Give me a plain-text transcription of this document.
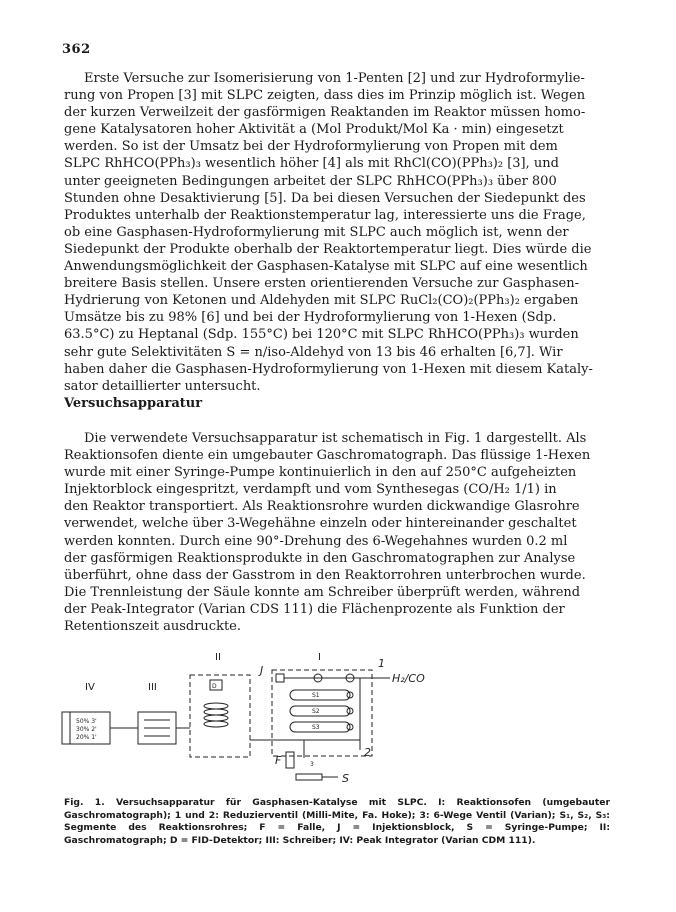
362

Erste Versuche zur Isomerisierung von 1-Penten [2] und zur Hydroformylie-

rung von Propen [3] mit SLPC zeigten, dass dies im Prinzip möglich ist. Wegen

der kurzen Verweilzeit der gasförmigen Reaktanden im Reaktor müssen homo-

gene Katalysatoren hoher Aktivität a (Mol Produkt/Mol Ka · min) eingesetzt

werden. So ist der Umsatz bei der Hydroformylierung von Propen mit dem

SLPC RhHCO(PPh₃)₃ wesentlich höher [4] als mit RhCl(CO)(PPh₃)₂ [3], und

unter geeigneten Bedingungen arbeitet der SLPC RhHCO(PPh₃)₃ über 800

Stunden ohne Desaktivierung [5]. Da bei diesen Versuchen der Siedepunkt des

Produktes unterhalb der Reaktionstemperatur lag, interessierte uns die Frage,

ob eine Gasphasen-Hydroformylierung mit SLPC auch möglich ist, wenn der

Siedepunkt der Produkte oberhalb der Reaktortemperatur liegt. Dies würde die

Anwendungsmöglichkeit der Gasphasen-Katalyse mit SLPC auf eine wesentlich

breitere Basis stellen. Unsere ersten orientierenden Versuche zur Gasphasen-

Hydrierung von Ketonen und Aldehyden mit SLPC RuCl₂(CO)₂(PPh₃)₂ ergaben

Umsätze bis zu 98% [6] und bei der Hydroformylierung von 1-Hexen (Sdp.

63.5°C) zu Heptanal (Sdp. 155°C) bei 120°C mit SLPC RhHCO(PPh₃)₃ wurden

sehr gute Selektivitäten S = n/iso-Aldehyd von 13 bis 46 erhalten [6,7]. Wir

haben daher die Gasphasen-Hydroformylierung von 1-Hexen mit diesem Kataly-

sator detaillierter untersucht.

Versuchsapparatur

Die verwendete Versuchsapparatur ist schematisch in Fig. 1 dargestellt. Als

Reaktionsofen diente ein umgebauter Gaschromatograph. Das flüssige 1-Hexen

wurde mit einer Syringe-Pumpe kontinuierlich in den auf 250°C aufgeheizten

Injektorblock eingespritzt, verdampft und vom Synthesegas (CO/H₂ 1/1) in

den Reaktor transportiert. Als Reaktionsrohre wurden dickwandige Glasrohre

verwendet, welche über 3-Wegehähne einzeln oder hintereinander geschaltet

werden konnten. Durch eine 90°-Drehung des 6-Wegehahnes wurden 0.2 ml

der gasförmigen Reaktionsprodukte in den Gaschromatographen zur Analyse

überführt, ohne dass der Gasstrom in den Reaktorrohren unterbrochen wurde.

Die Trennleistung der Säule konnte am Schreiber überprüft werden, während

der Peak-Integrator (Varian CDS 111) die Flächenprozente als Funktion der

Retentionszeit ausdruckte.

IV
50% 3'
30% 2'
20% 1'
III
II
D
I
J
H₂/CO
1
S1
S2
S3
2
F	3
S
Fig. 1. Versuchsapparatur für Gasphasen-Katalyse mit SLPC. I: Reaktionsofen (umgebauter Gaschromatograph); 1 und 2: Reduzierventil (Milli-Mite, Fa. Hoke); 3: 6-Wege Ventil (Varian); S₁, S₂, S₃: Segmente des Reaktionsrohres; F = Falle, J = Injektionsblock, S = Syringe-Pumpe; II: Gaschromatograph; D = FID-Detektor; III: Schreiber; IV: Peak Integrator (Varian CDM 111).
